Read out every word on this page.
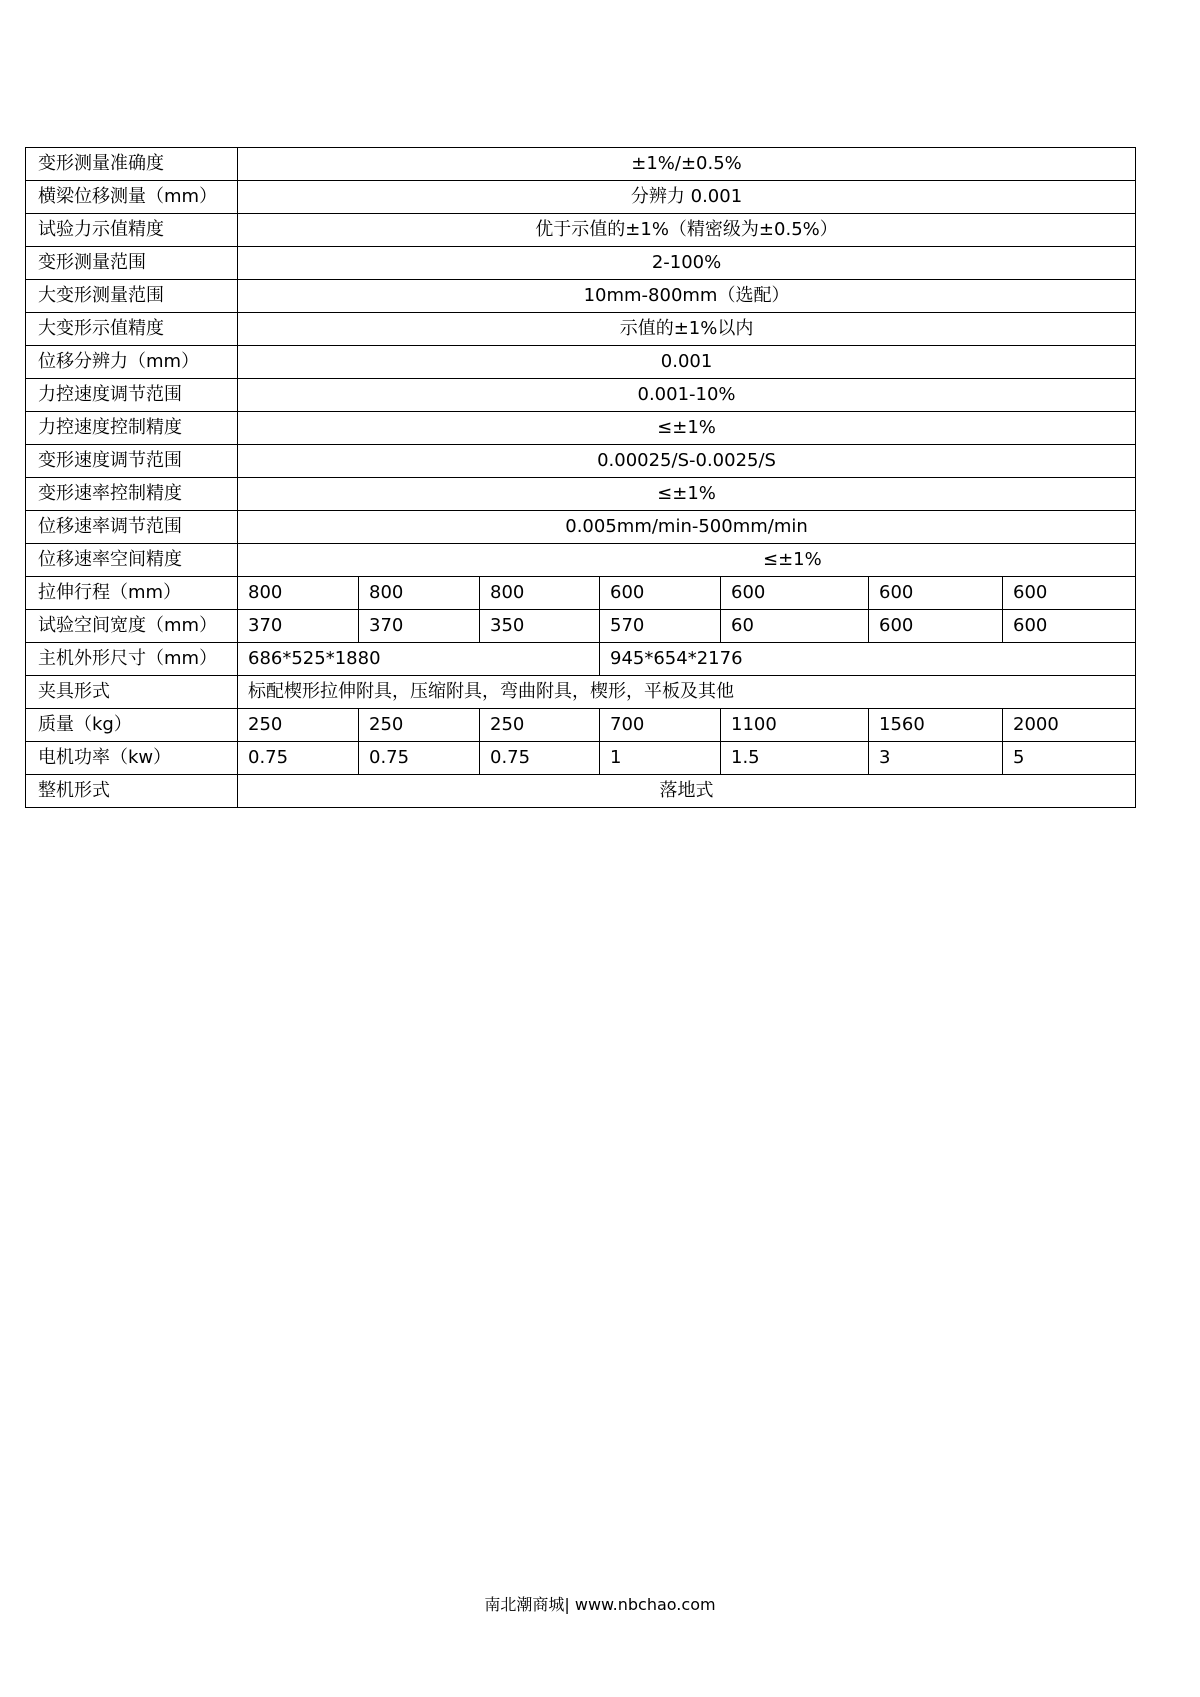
变形测量准确度	±1%/±0.5%						
横梁位移测量（mm）	分辨力 0.001						
试验力示值精度	优于示值的±1%（精密级为±0.5%）						
变形测量范围	2-100%						
大变形测量范围	10mm-800mm（选配）						
大变形示值精度	示值的±1%以内						
位移分辨力（mm）	0.001						
力控速度调节范围	0.001-10%						
力控速度控制精度	≤±1%						
变形速度调节范围	0.00025/S-0.0025/S						
变形速率控制精度	≤±1%						
位移速率调节范围	0.005mm/min-500mm/min						
位移速率空间精度	≤±1%						
拉伸行程（mm）	800	800	800	600	600	600	600
试验空间宽度（mm）	370	370	350	570	60	600	600
主机外形尺寸（mm）	686*525*1880			945*654*2176			
夹具形式	标配楔形拉伸附具，压缩附具，弯曲附具，楔形，平板及其他						
质量（kg）	250	250	250	700	1100	1560	2000
电机功率（kw）	0.75	0.75	0.75	1	1.5	3	5
整机形式	落地式						
南北潮商城| www.nbchao.com
